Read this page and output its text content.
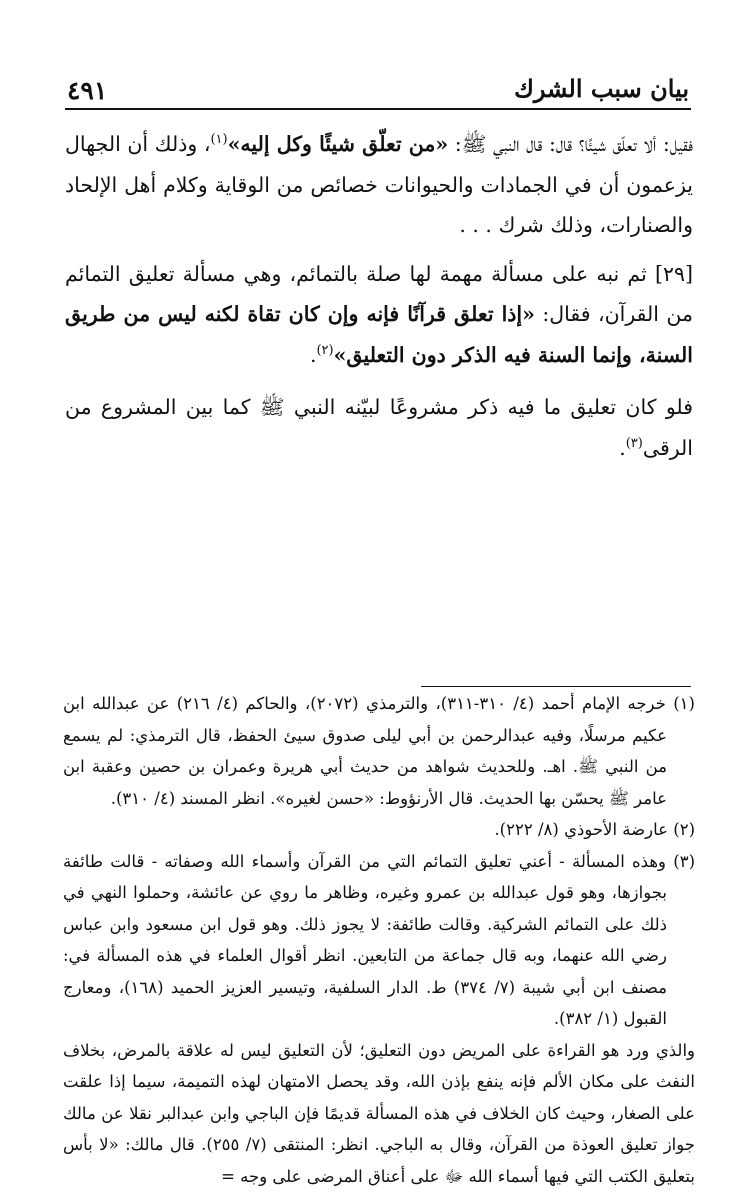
٤٩١	بيان سبب الشرك

فقيل: ألا تعلّق شيئًا؟ قال: قال النبي ﷺ: «من تعلّق شيئًا وكل إليه»$^{(١)}$، وذلك أن الجهال يزعمون أن في الجمادات والحيوانات خصائص من الوقاية وكلام أهل الإلحاد والصنارات، وذلك شرك . . .

[٢٩] ثم نبه على مسألة مهمة لها صلة بالتمائم، وهي مسألة تعليق التمائم من القرآن، فقال: «إذا تعلق قرآنًا فإنه وإن كان تقاة لكنه ليس من طريق السنة، وإنما السنة فيه الذكر دون التعليق»$^{(٢)}$.

فلو كان تعليق ما فيه ذكر مشروعًا لبيّنه النبي ﷺ كما بين المشروع من الرقى$^{(٣)}$.

(١) خرجه الإمام أحمد (٤/ ٣١٠-٣١١)، والترمذي (٢٠٧٢)، والحاكم (٤/ ٢١٦) عن عبدالله ابن عكيم مرسلًا، وفيه عبدالرحمن بن أبي ليلى صدوق سيئ الحفظ، قال الترمذي: لم يسمع من النبي ﷺ. اهـ. وللحديث شواهد من حديث أبي هريرة وعمران بن حصين وعقبة ابن عامر ﷺ يحسّن بها الحديث. قال الأرنؤوط: «حسن لغيره». انظر المسند (٤/ ٣١٠).

(٢) عارضة الأحوذي (٨/ ٢٢٢).

(٣) وهذه المسألة - أعني تعليق التمائم التي من القرآن وأسماء الله وصفاته - قالت طائفة بجوازها، وهو قول عبدالله بن عمرو وغيره، وظاهر ما روي عن عائشة، وحملوا النهي في ذلك على التمائم الشركية. وقالت طائفة: لا يجوز ذلك. وهو قول ابن مسعود وابن عباس رضي الله عنهما، وبه قال جماعة من التابعين. انظر أقوال العلماء في هذه المسألة في: مصنف ابن أبي شيبة (٧/ ٣٧٤) ط. الدار السلفية، وتيسير العزيز الحميد (١٦٨)، ومعارج القبول (١/ ٣٨٢).

والذي ورد هو القراءة على المريض دون التعليق؛ لأن التعليق ليس له علاقة بالمرض، بخلاف النفث على مكان الألم فإنه ينفع بإذن الله، وقد يحصل الامتهان لهذه التميمة، سيما إذا علقت على الصغار، وحيث كان الخلاف في هذه المسألة قديمًا فإن الباجي وابن عبدالبر نقلا عن مالك جواز تعليق العوذة من القرآن، وقال به الباجي. انظر: المنتقى (٧/ ٢٥٥). قال مالك: «لا بأس بتعليق الكتب التي فيها أسماء الله ﷻ على أعناق المرضى على وجه =
